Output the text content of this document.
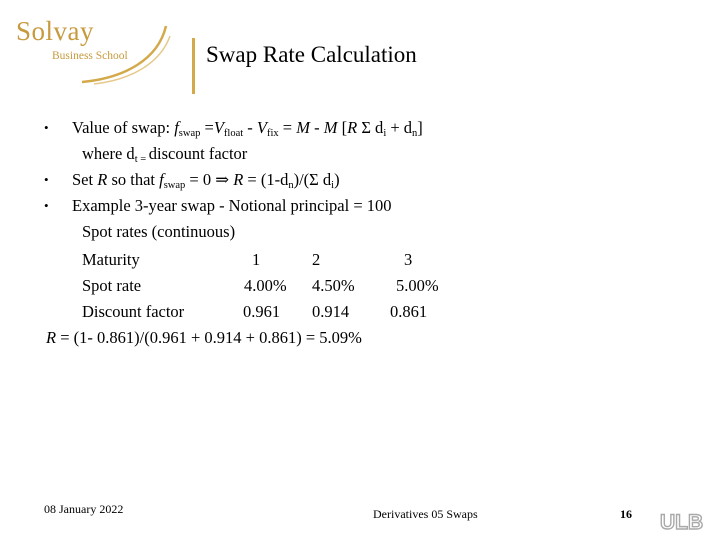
Solvay
Business School	Swap Rate Calculation
• Value of swap: $f_{swap} =V_{float} - V_{fix} = M - M$ [R Σ $d_i + d_n$]
where $d_{t =}$ discount factor
• Set R so that $f_{swap} = 0$ ⇒ $R = (1-d_n)/(\Sigma$ $d_i$)
• Example 3-year swap - Notional principal = 100
Spot rates (continuous)
Maturity	1	2	3
Spot rate	4.00% 4.50%	5.00%
Discount factor	0.961 0.914 0.861
R = (1- 0.861)/(0.961 + 0.914 + 0.861) = 5.09%
08 January 2022	Derivatives 05 Swaps	16 ULB
